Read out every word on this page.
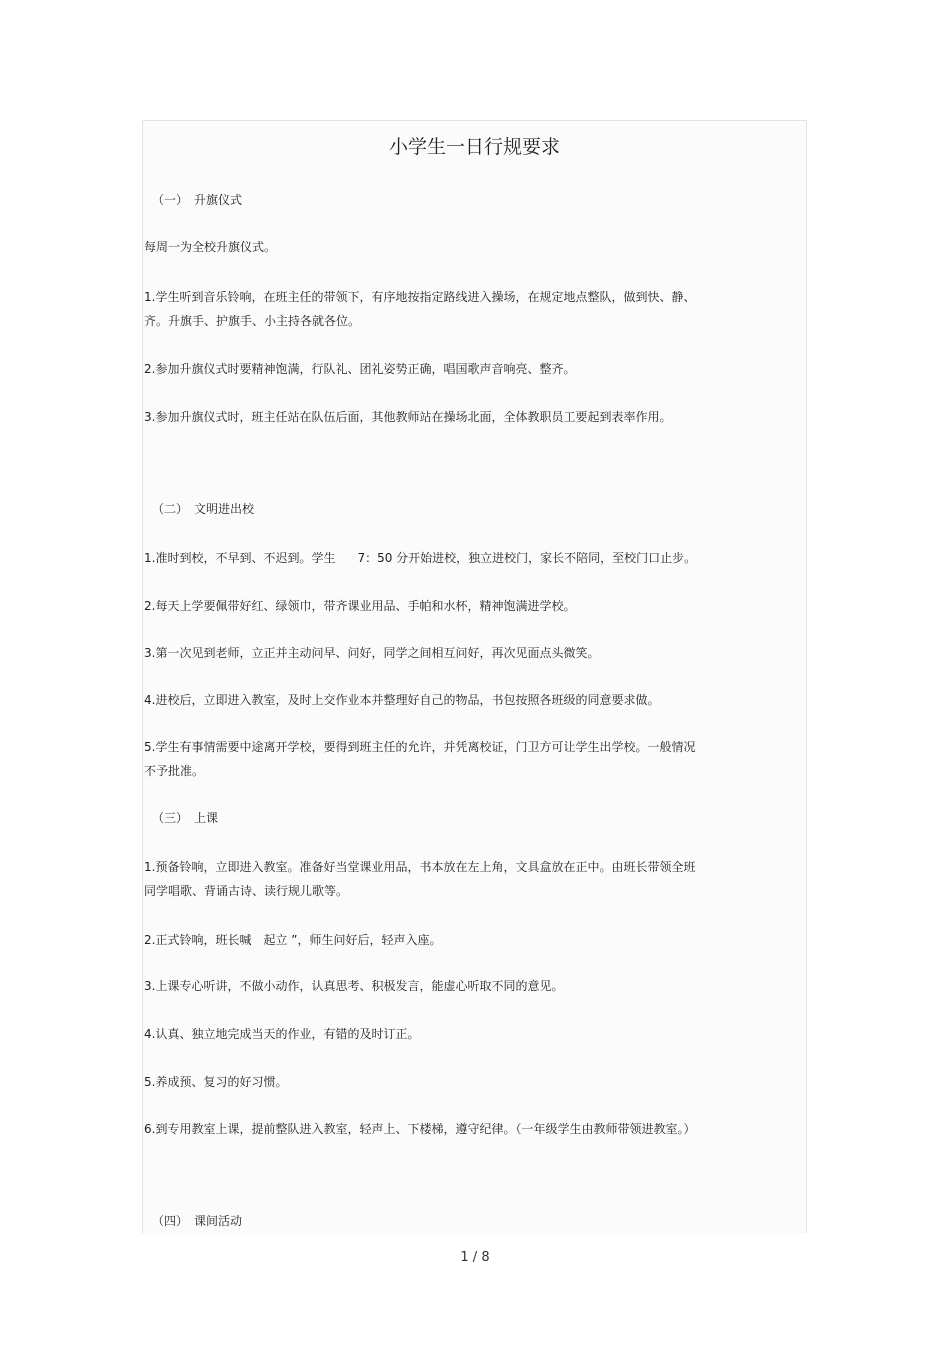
小学生一日行规要求

（一） 升旗仪式

每周一为全校升旗仪式。

1.学生听到音乐铃响，在班主任的带领下，有序地按指定路线进入操场，在规定地点整队，做到快、静、

齐。升旗手、护旗手、小主持各就各位。

2.参加升旗仪式时要精神饱满，行队礼、团礼姿势正确，唱国歌声音响亮、整齐。

3.参加升旗仪式时，班主任站在队伍后面，其他教师站在操场北面，全体教职员工要起到表率作用。

（二） 文明进出校

1.准时到校，不早到、不迟到。学生 7：50 分开始进校，独立进校门，家长不陪同，至校门口止步。

2.每天上学要佩带好红、绿领巾，带齐课业用品、手帕和水杯，精神饱满进学校。

3.第一次见到老师，立正并主动问早、问好，同学之间相互问好，再次见面点头微笑。

4.进校后，立即进入教室，及时上交作业本并整理好自己的物品，书包按照各班级的同意要求做。

5.学生有事情需要中途离开学校，要得到班主任的允许，并凭离校证，门卫方可让学生出学校。一般情况

不予批准。

（三） 上课

1.预备铃响，立即进入教室。准备好当堂课业用品，书本放在左上角，文具盒放在正中。由班长带领全班

同学唱歌、背诵古诗、读行规儿歌等。

2.正式铃响，班长喊 起立 ”，师生问好后，轻声入座。

3.上课专心听讲，不做小动作，认真思考、积极发言，能虚心听取不同的意见。

4.认真、独立地完成当天的作业，有错的及时订正。

5.养成预、复习的好习惯。

6.到专用教室上课，提前整队进入教室，轻声上、下楼梯，遵守纪律。（一年级学生由教师带领进教室。）

（四） 课间活动

1 / 8
